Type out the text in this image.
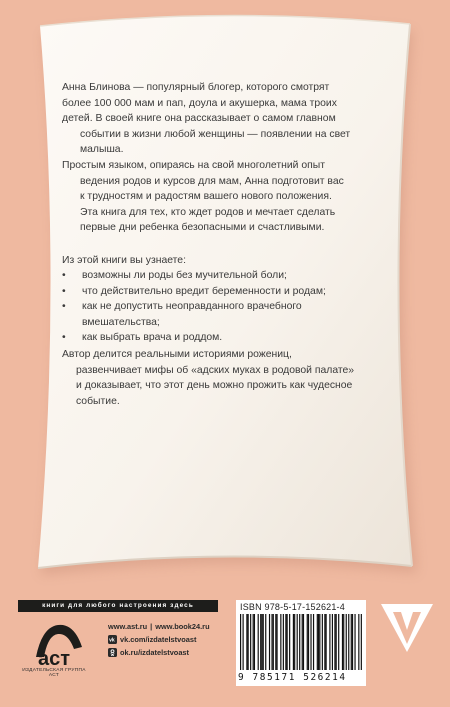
Анна Блинова — популярный блогер, которого смотрят

более 100 000 мам и пап, доула и акушерка, мама троих

детей. В своей книге она рассказывает о самом главном

событии в жизни любой женщины — появлении на свет

малыша.

Простым языком, опираясь на свой многолетний опыт

ведения родов и курсов для мам, Анна подготовит вас

к трудностям и радостям вашего нового положения.

Эта книга для тех, кто ждет родов и мечтает сделать

первые дни ребенка безопасными и счастливыми.

Из этой книги вы узнаете:

•	возможны ли роды без мучительной боли;
•	что действительно вредит беременности и родам;
•	как не допустить неоправданного врачебного
вмешательства;
•	как выбрать врача и роддом.

Автор делится реальными историями рожениц,

развенчивает мифы об «адских муках в родовой палате»

и доказывает, что этот день можно прожить как чудесное

событие.

книги для любого настроения здесь
аст
ИЗДАТЕЛЬСКАЯ ГРУППА АСТ
www.ast.ru | www.book24.ru
vk vk.com/izdatelstvoast
ok.ru/izdatelstvoast
ISBN 978-5-17-152621-4
9 785171 526214
